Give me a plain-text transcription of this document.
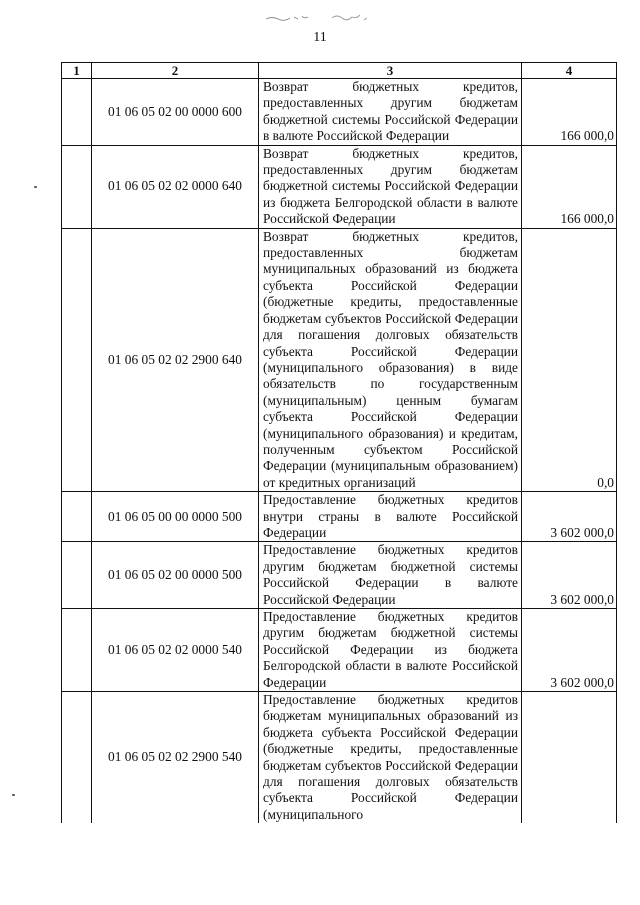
11
1	2	3	4
	01 06 05 02 00 0000 600	Возврат бюджетных кредитов, предоставленных другим бюджетам бюджетной системы Российской Федерации в валюте Российской Федерации	166 000,0
	01 06 05 02 02 0000 640	Возврат бюджетных кредитов, предоставленных другим бюджетам бюджетной системы Российской Федерации из бюджета Белгородской области в валюте Российской Федерации	166 000,0
	01 06 05 02 02 2900 640	Возврат бюджетных кредитов, предоставленных бюджетам муниципальных образований из бюджета субъекта Российской Федерации (бюджетные кредиты, предоставленные бюджетам субъектов Российской Федерации для погашения долговых обязательств субъекта Российской Федерации (муниципального образования) в виде обязательств по государственным (муниципальным) ценным бумагам субъекта Российской Федерации (муниципального образования) и кредитам, полученным субъектом Российской Федерации (муниципальным образованием) от кредитных организаций	0,0
	01 06 05 00 00 0000 500	Предоставление бюджетных кредитов внутри страны в валюте Российской Федерации	3 602 000,0
	01 06 05 02 00 0000 500	Предоставление бюджетных кредитов другим бюджетам бюджетной системы Российской Федерации в валюте Российской Федерации	3 602 000,0
	01 06 05 02 02 0000 540	Предоставление бюджетных кредитов другим бюджетам бюджетной системы Российской Федерации из бюджета Белгородской области в валюте Российской Федерации	3 602 000,0
	01 06 05 02 02 2900 540	Предоставление бюджетных кредитов бюджетам муниципальных образований из бюджета субъекта Российской Федерации (бюджетные кредиты, предоставленные бюджетам субъектов Российской Федерации для погашения долговых обязательств субъекта Российской Федерации (муниципального	
